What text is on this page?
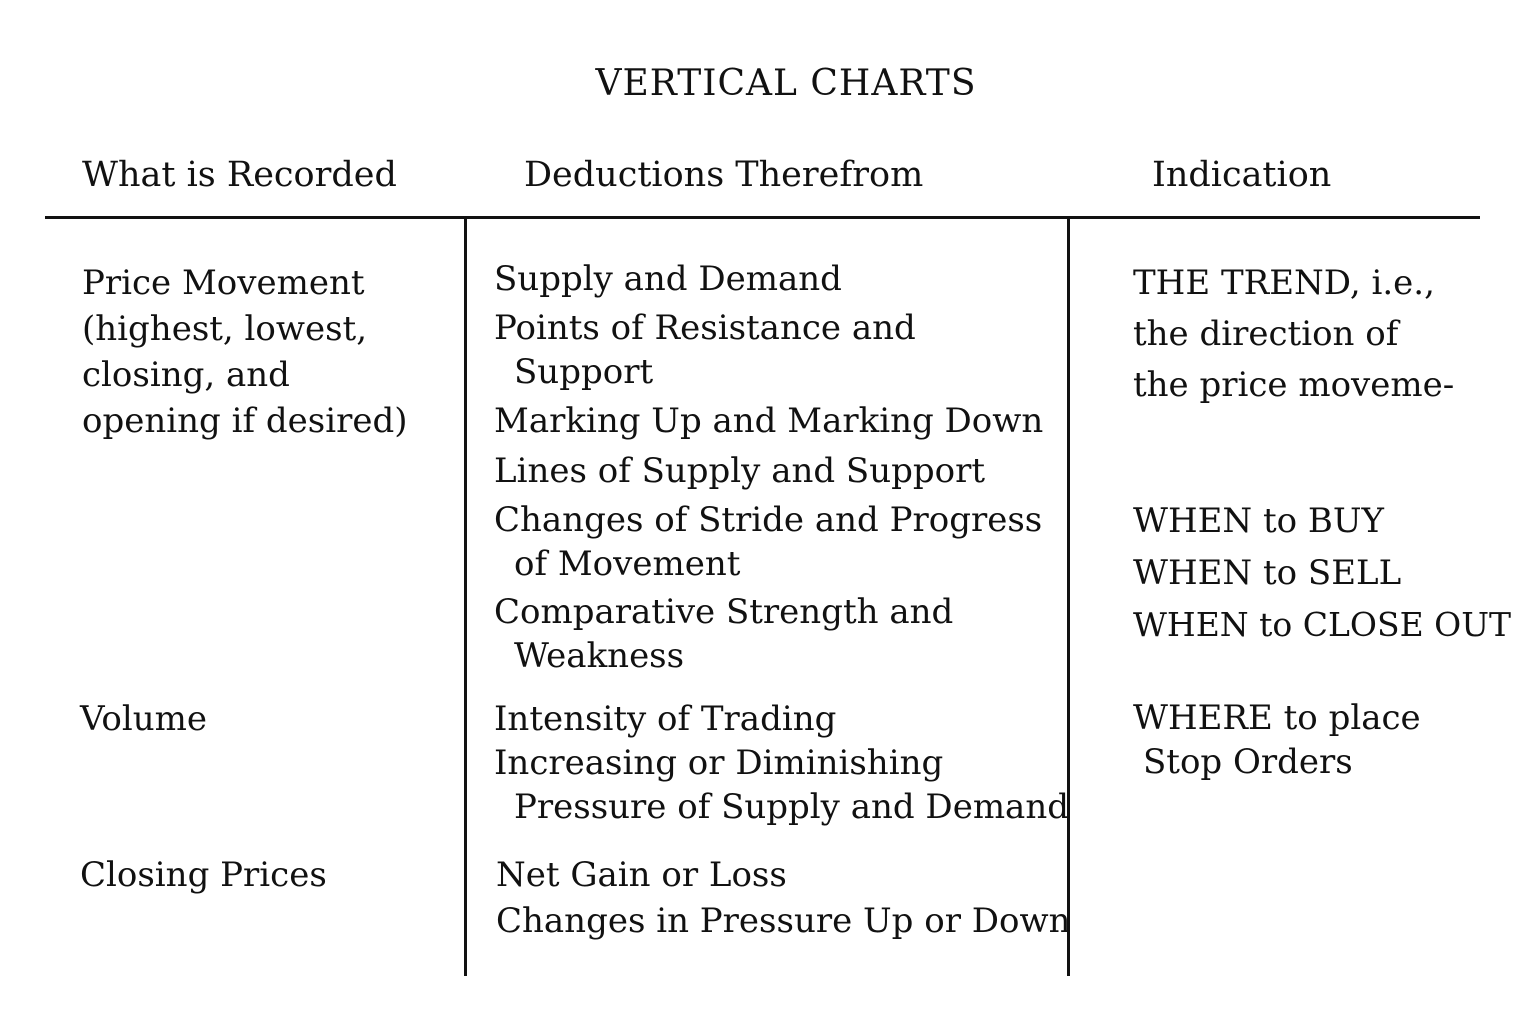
VERTICAL CHARTS
What is Recorded	Deductions Therefrom	Indication
Price Movement
(highest, lowest,
closing, and
opening if desired)
Volume
Closing Prices
Supply and Demand
Points of Resistance and
Support
Marking Up and Marking Down
Lines of Supply and Support
Changes of Stride and Progress
of Movement
Comparative Strength and
Weakness
Intensity of Trading
Increasing or Diminishing
Pressure of Supply and Demand
Net Gain or Loss
Changes in Pressure Up or Down
THE TREND, i.e.,
the direction of
the price moveme-
WHEN to BUY
WHEN to SELL
WHEN to CLOSE OUT
WHERE to place
Stop Orders
